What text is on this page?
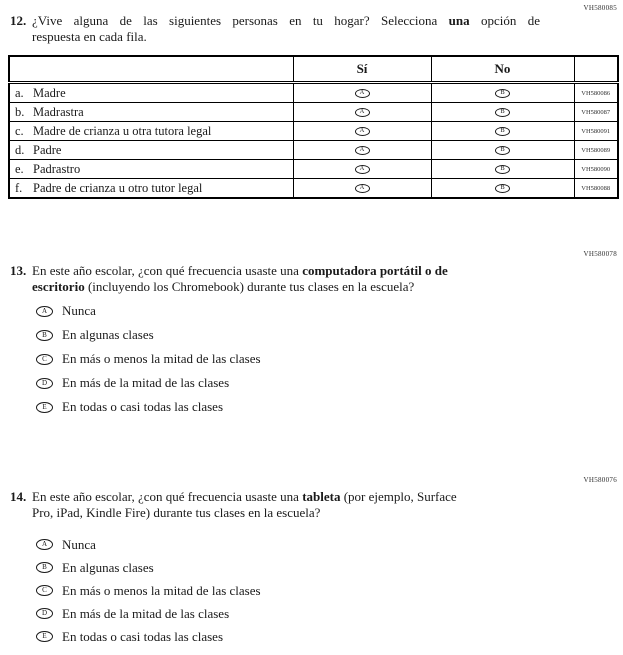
VH580085
12. ¿Vive alguna de las siguientes personas en tu hogar? Selecciona una opción de
respuesta en cada fila.
	Sí	No	
a. Madre	A	B	VH580086
b. Madrastra	A	B	VH580087
c. Madre de crianza u otra tutora legal	A	B	VH580091
d. Padre	A	B	VH580089
e. Padrastro	A	B	VH580090
f. Padre de crianza u otro tutor legal	A	B	VH580088
VH580078
13. En este año escolar, ¿con qué frecuencia usaste una computadora portátil o de
escritorio (incluyendo los Chromebook) durante tus clases en la escuela?
A Nunca
B En algunas clases
C En más o menos la mitad de las clases
D En más de la mitad de las clases
E En todas o casi todas las clases
VH580076
14. En este año escolar, ¿con qué frecuencia usaste una tableta (por ejemplo, Surface
Pro, iPad, Kindle Fire) durante tus clases en la escuela?
A Nunca
B En algunas clases
C En más o menos la mitad de las clases
D En más de la mitad de las clases
E En todas o casi todas las clases
